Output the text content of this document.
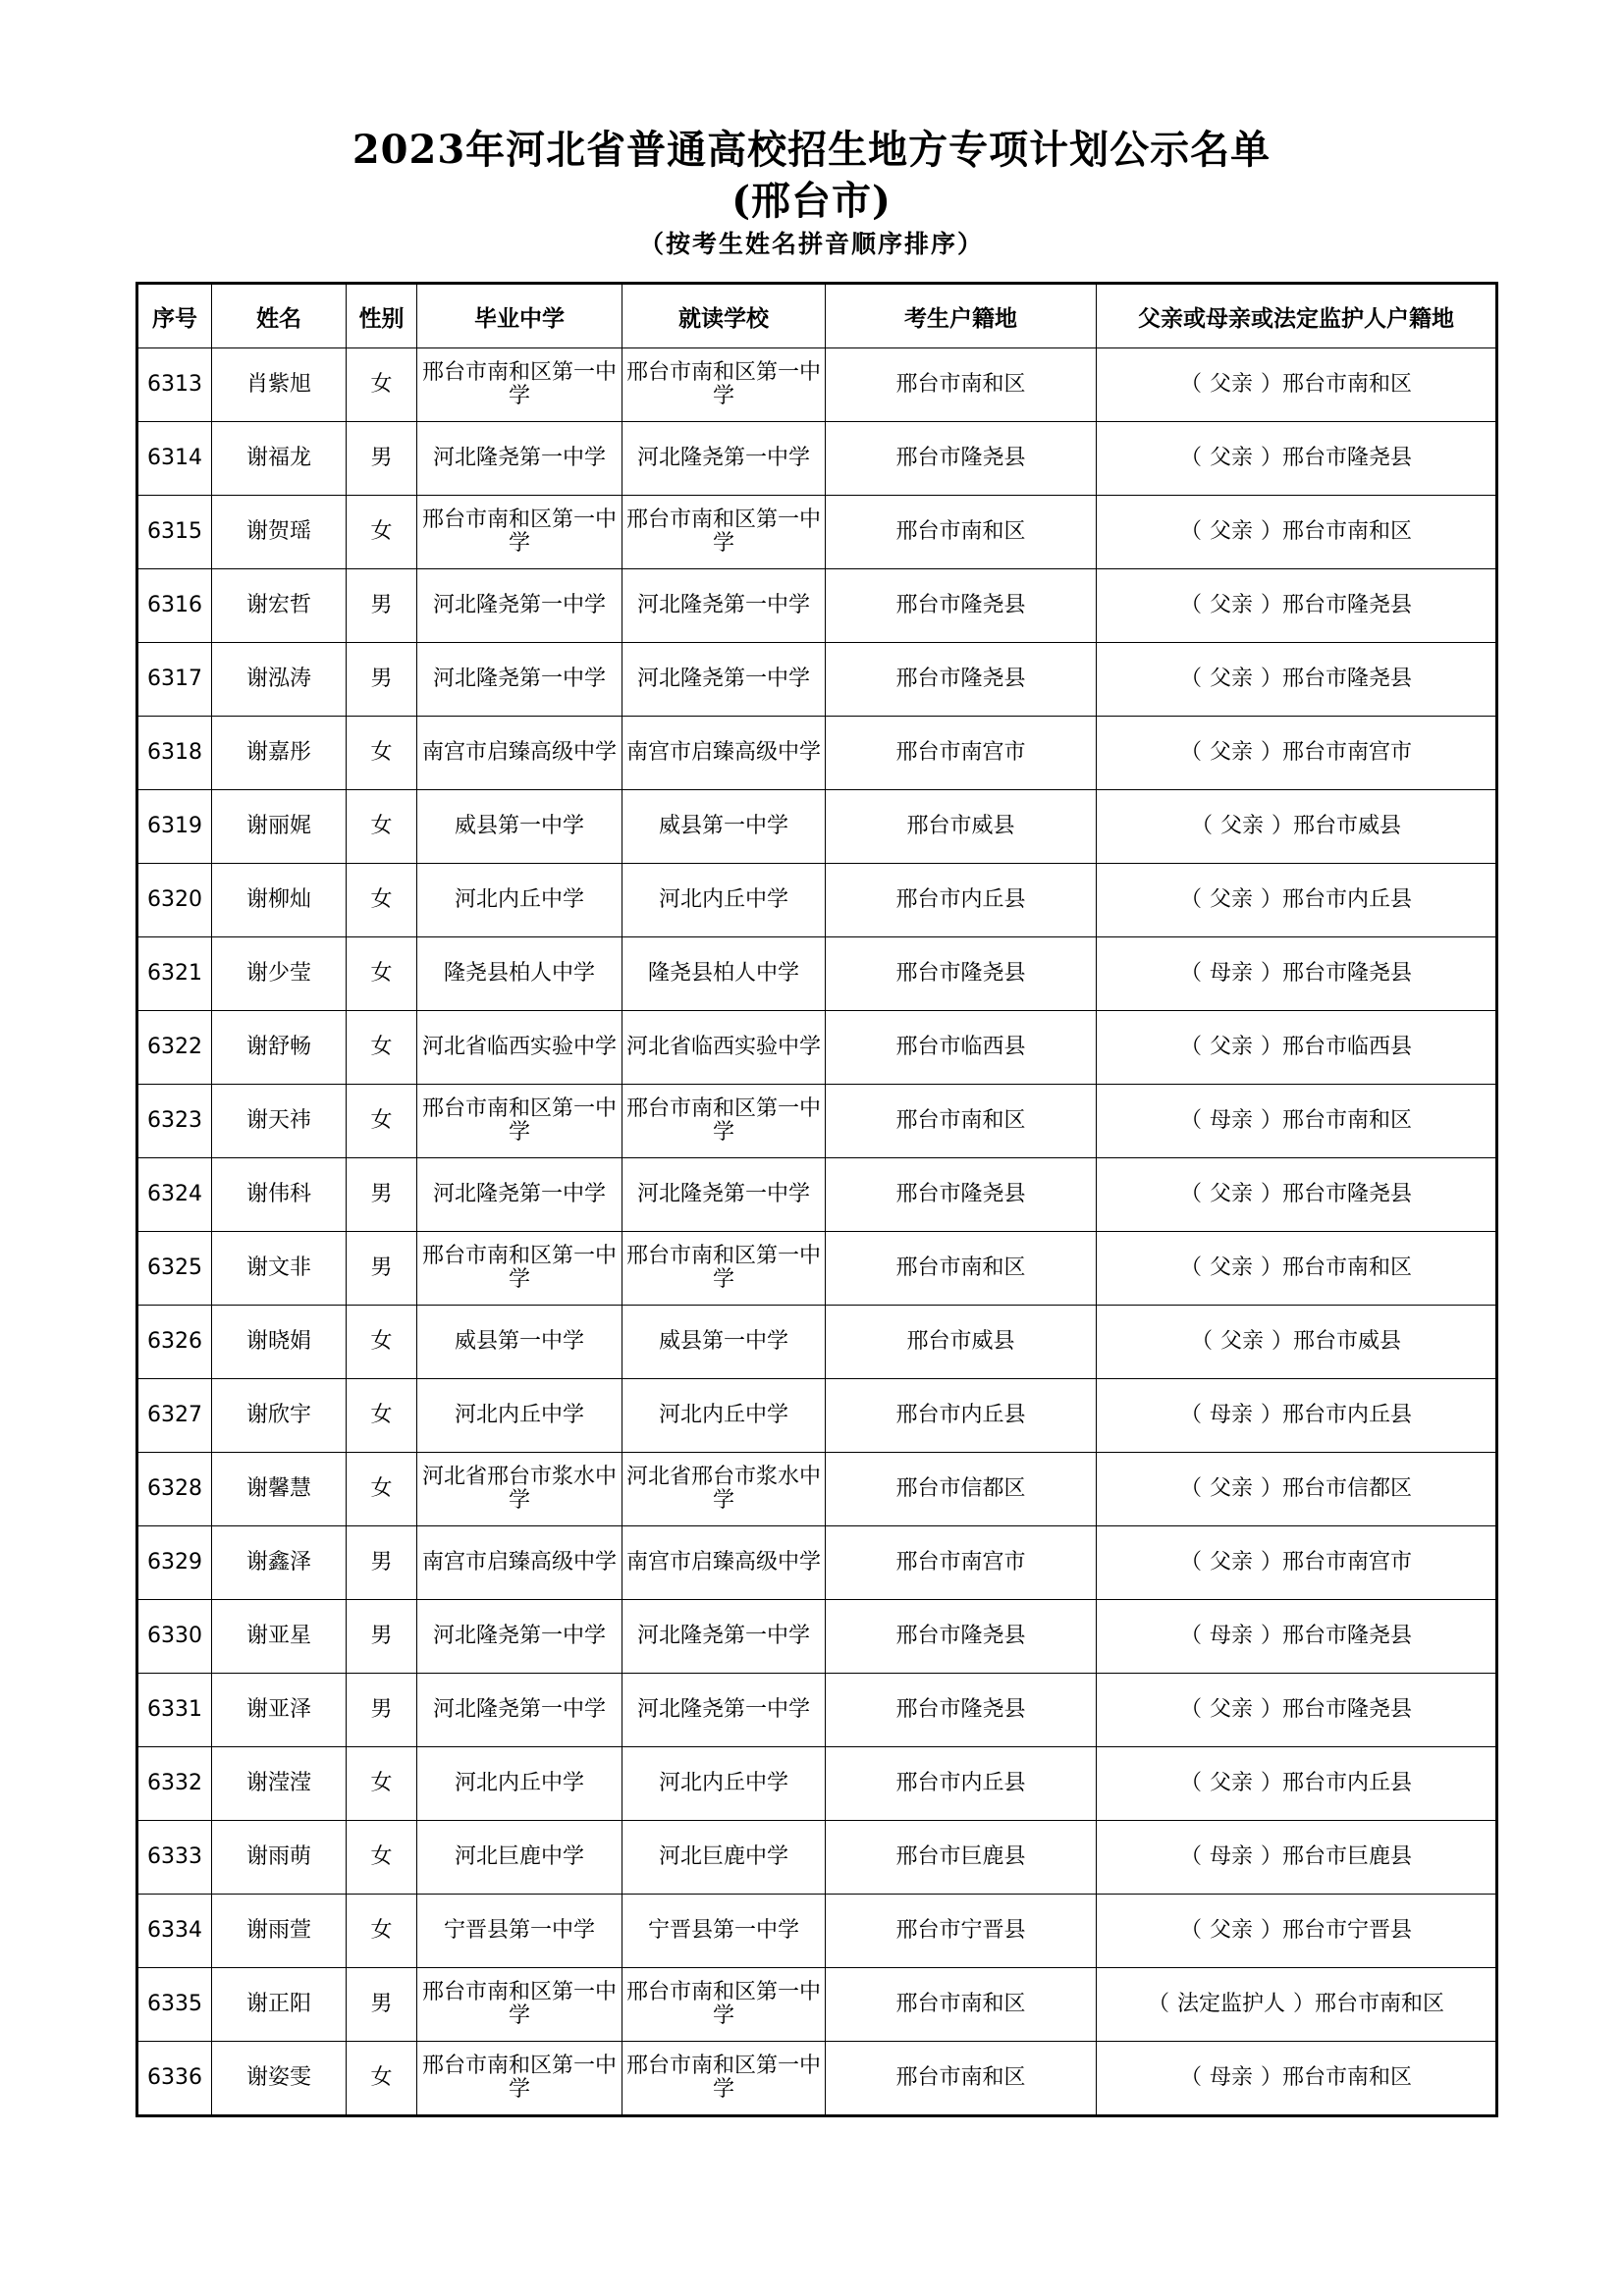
2023年河北省普通高校招生地方专项计划公示名单
(邢台市)
（按考生姓名拼音顺序排序）
序号	姓名	性别	毕业中学	就读学校	考生户籍地	父亲或母亲或法定监护人户籍地
6313	肖紫旭	女	邢台市南和区第一中学	邢台市南和区第一中学	邢台市南和区	（ 父亲 ）邢台市南和区
6314	谢福龙	男	河北隆尧第一中学	河北隆尧第一中学	邢台市隆尧县	（ 父亲 ）邢台市隆尧县
6315	谢贺瑶	女	邢台市南和区第一中学	邢台市南和区第一中学	邢台市南和区	（ 父亲 ）邢台市南和区
6316	谢宏哲	男	河北隆尧第一中学	河北隆尧第一中学	邢台市隆尧县	（ 父亲 ）邢台市隆尧县
6317	谢泓涛	男	河北隆尧第一中学	河北隆尧第一中学	邢台市隆尧县	（ 父亲 ）邢台市隆尧县
6318	谢嘉彤	女	南宫市启臻高级中学	南宫市启臻高级中学	邢台市南宫市	（ 父亲 ）邢台市南宫市
6319	谢丽娓	女	威县第一中学	威县第一中学	邢台市威县	（ 父亲 ）邢台市威县
6320	谢柳灿	女	河北内丘中学	河北内丘中学	邢台市内丘县	（ 父亲 ）邢台市内丘县
6321	谢少莹	女	隆尧县柏人中学	隆尧县柏人中学	邢台市隆尧县	（ 母亲 ）邢台市隆尧县
6322	谢舒畅	女	河北省临西实验中学	河北省临西实验中学	邢台市临西县	（ 父亲 ）邢台市临西县
6323	谢天祎	女	邢台市南和区第一中学	邢台市南和区第一中学	邢台市南和区	（ 母亲 ）邢台市南和区
6324	谢伟科	男	河北隆尧第一中学	河北隆尧第一中学	邢台市隆尧县	（ 父亲 ）邢台市隆尧县
6325	谢文非	男	邢台市南和区第一中学	邢台市南和区第一中学	邢台市南和区	（ 父亲 ）邢台市南和区
6326	谢晓娟	女	威县第一中学	威县第一中学	邢台市威县	（ 父亲 ）邢台市威县
6327	谢欣宇	女	河北内丘中学	河北内丘中学	邢台市内丘县	（ 母亲 ）邢台市内丘县
6328	谢馨慧	女	河北省邢台市浆水中学	河北省邢台市浆水中学	邢台市信都区	（ 父亲 ）邢台市信都区
6329	谢鑫泽	男	南宫市启臻高级中学	南宫市启臻高级中学	邢台市南宫市	（ 父亲 ）邢台市南宫市
6330	谢亚星	男	河北隆尧第一中学	河北隆尧第一中学	邢台市隆尧县	（ 母亲 ）邢台市隆尧县
6331	谢亚泽	男	河北隆尧第一中学	河北隆尧第一中学	邢台市隆尧县	（ 父亲 ）邢台市隆尧县
6332	谢滢滢	女	河北内丘中学	河北内丘中学	邢台市内丘县	（ 父亲 ）邢台市内丘县
6333	谢雨萌	女	河北巨鹿中学	河北巨鹿中学	邢台市巨鹿县	（ 母亲 ）邢台市巨鹿县
6334	谢雨萱	女	宁晋县第一中学	宁晋县第一中学	邢台市宁晋县	（ 父亲 ）邢台市宁晋县
6335	谢正阳	男	邢台市南和区第一中学	邢台市南和区第一中学	邢台市南和区	（ 法定监护人 ）邢台市南和区
6336	谢姿雯	女	邢台市南和区第一中学	邢台市南和区第一中学	邢台市南和区	（ 母亲 ）邢台市南和区
